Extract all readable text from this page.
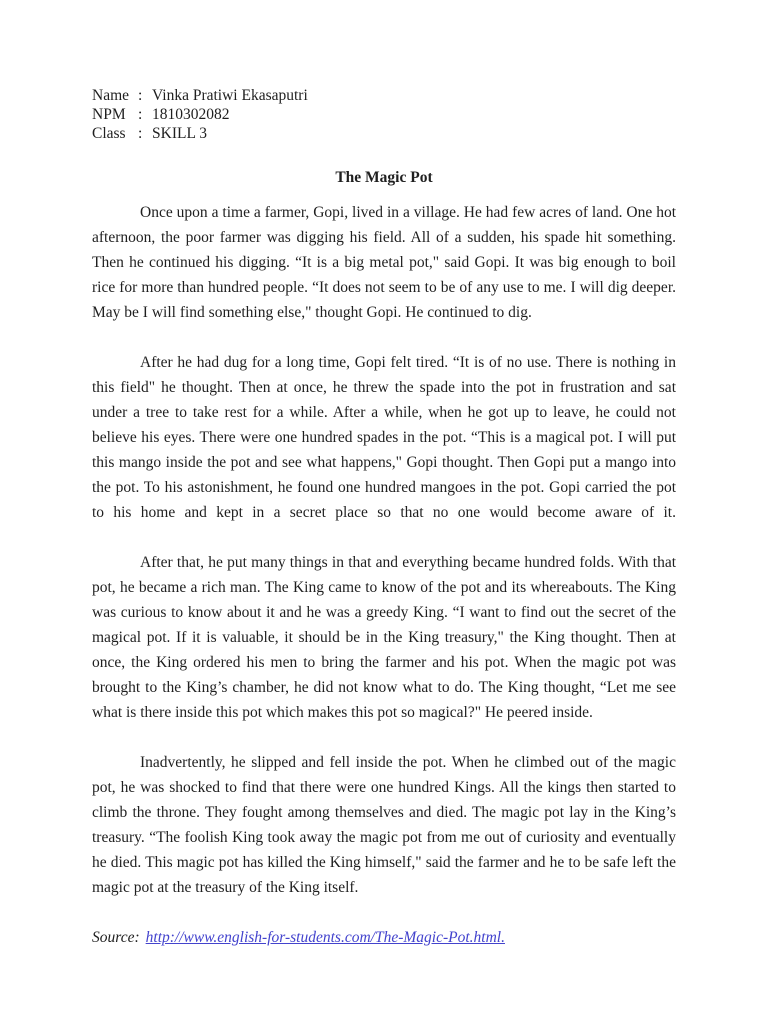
Name : Vinka Pratiwi Ekasaputri
NPM : 1810302082
Class : SKILL 3
The Magic Pot

Once upon a time a farmer, Gopi, lived in a village. He had few acres of land. One hot afternoon, the poor farmer was digging his field. All of a sudden, his spade hit something. Then he continued his digging. “It is a big metal pot," said Gopi. It was big enough to boil rice for more than hundred people. “It does not seem to be of any use to me. I will dig deeper. May be I will find something else," thought Gopi. He continued to dig.

After he had dug for a long time, Gopi felt tired. “It is of no use. There is nothing in this field" he thought. Then at once, he threw the spade into the pot in frustration and sat under a tree to take rest for a while. After a while, when he got up to leave, he could not believe his eyes. There were one hundred spades in the pot. “This is a magical pot. I will put this mango inside the pot and see what happens," Gopi thought. Then Gopi put a mango into the pot. To his astonishment, he found one hundred mangoes in the pot. Gopi carried the pot to his home and kept in a secret place so that no one would become aware of it.

After that, he put many things in that and everything became hundred folds. With that pot, he became a rich man. The King came to know of the pot and its whereabouts. The King was curious to know about it and he was a greedy King. “I want to find out the secret of the magical pot. If it is valuable, it should be in the King treasury," the King thought. Then at once, the King ordered his men to bring the farmer and his pot. When the magic pot was brought to the King’s chamber, he did not know what to do. The King thought, “Let me see what is there inside this pot which makes this pot so magical?" He peered inside.

Inadvertently, he slipped and fell inside the pot. When he climbed out of the magic pot, he was shocked to find that there were one hundred Kings. All the kings then started to climb the throne. They fought among themselves and died. The magic pot lay in the King’s treasury. “The foolish King took away the magic pot from me out of curiosity and eventually he died. This magic pot has killed the King himself," said the farmer and he to be safe left the magic pot at the treasury of the King itself.

Source: http://www.english-for-students.com/The-Magic-Pot.html.
